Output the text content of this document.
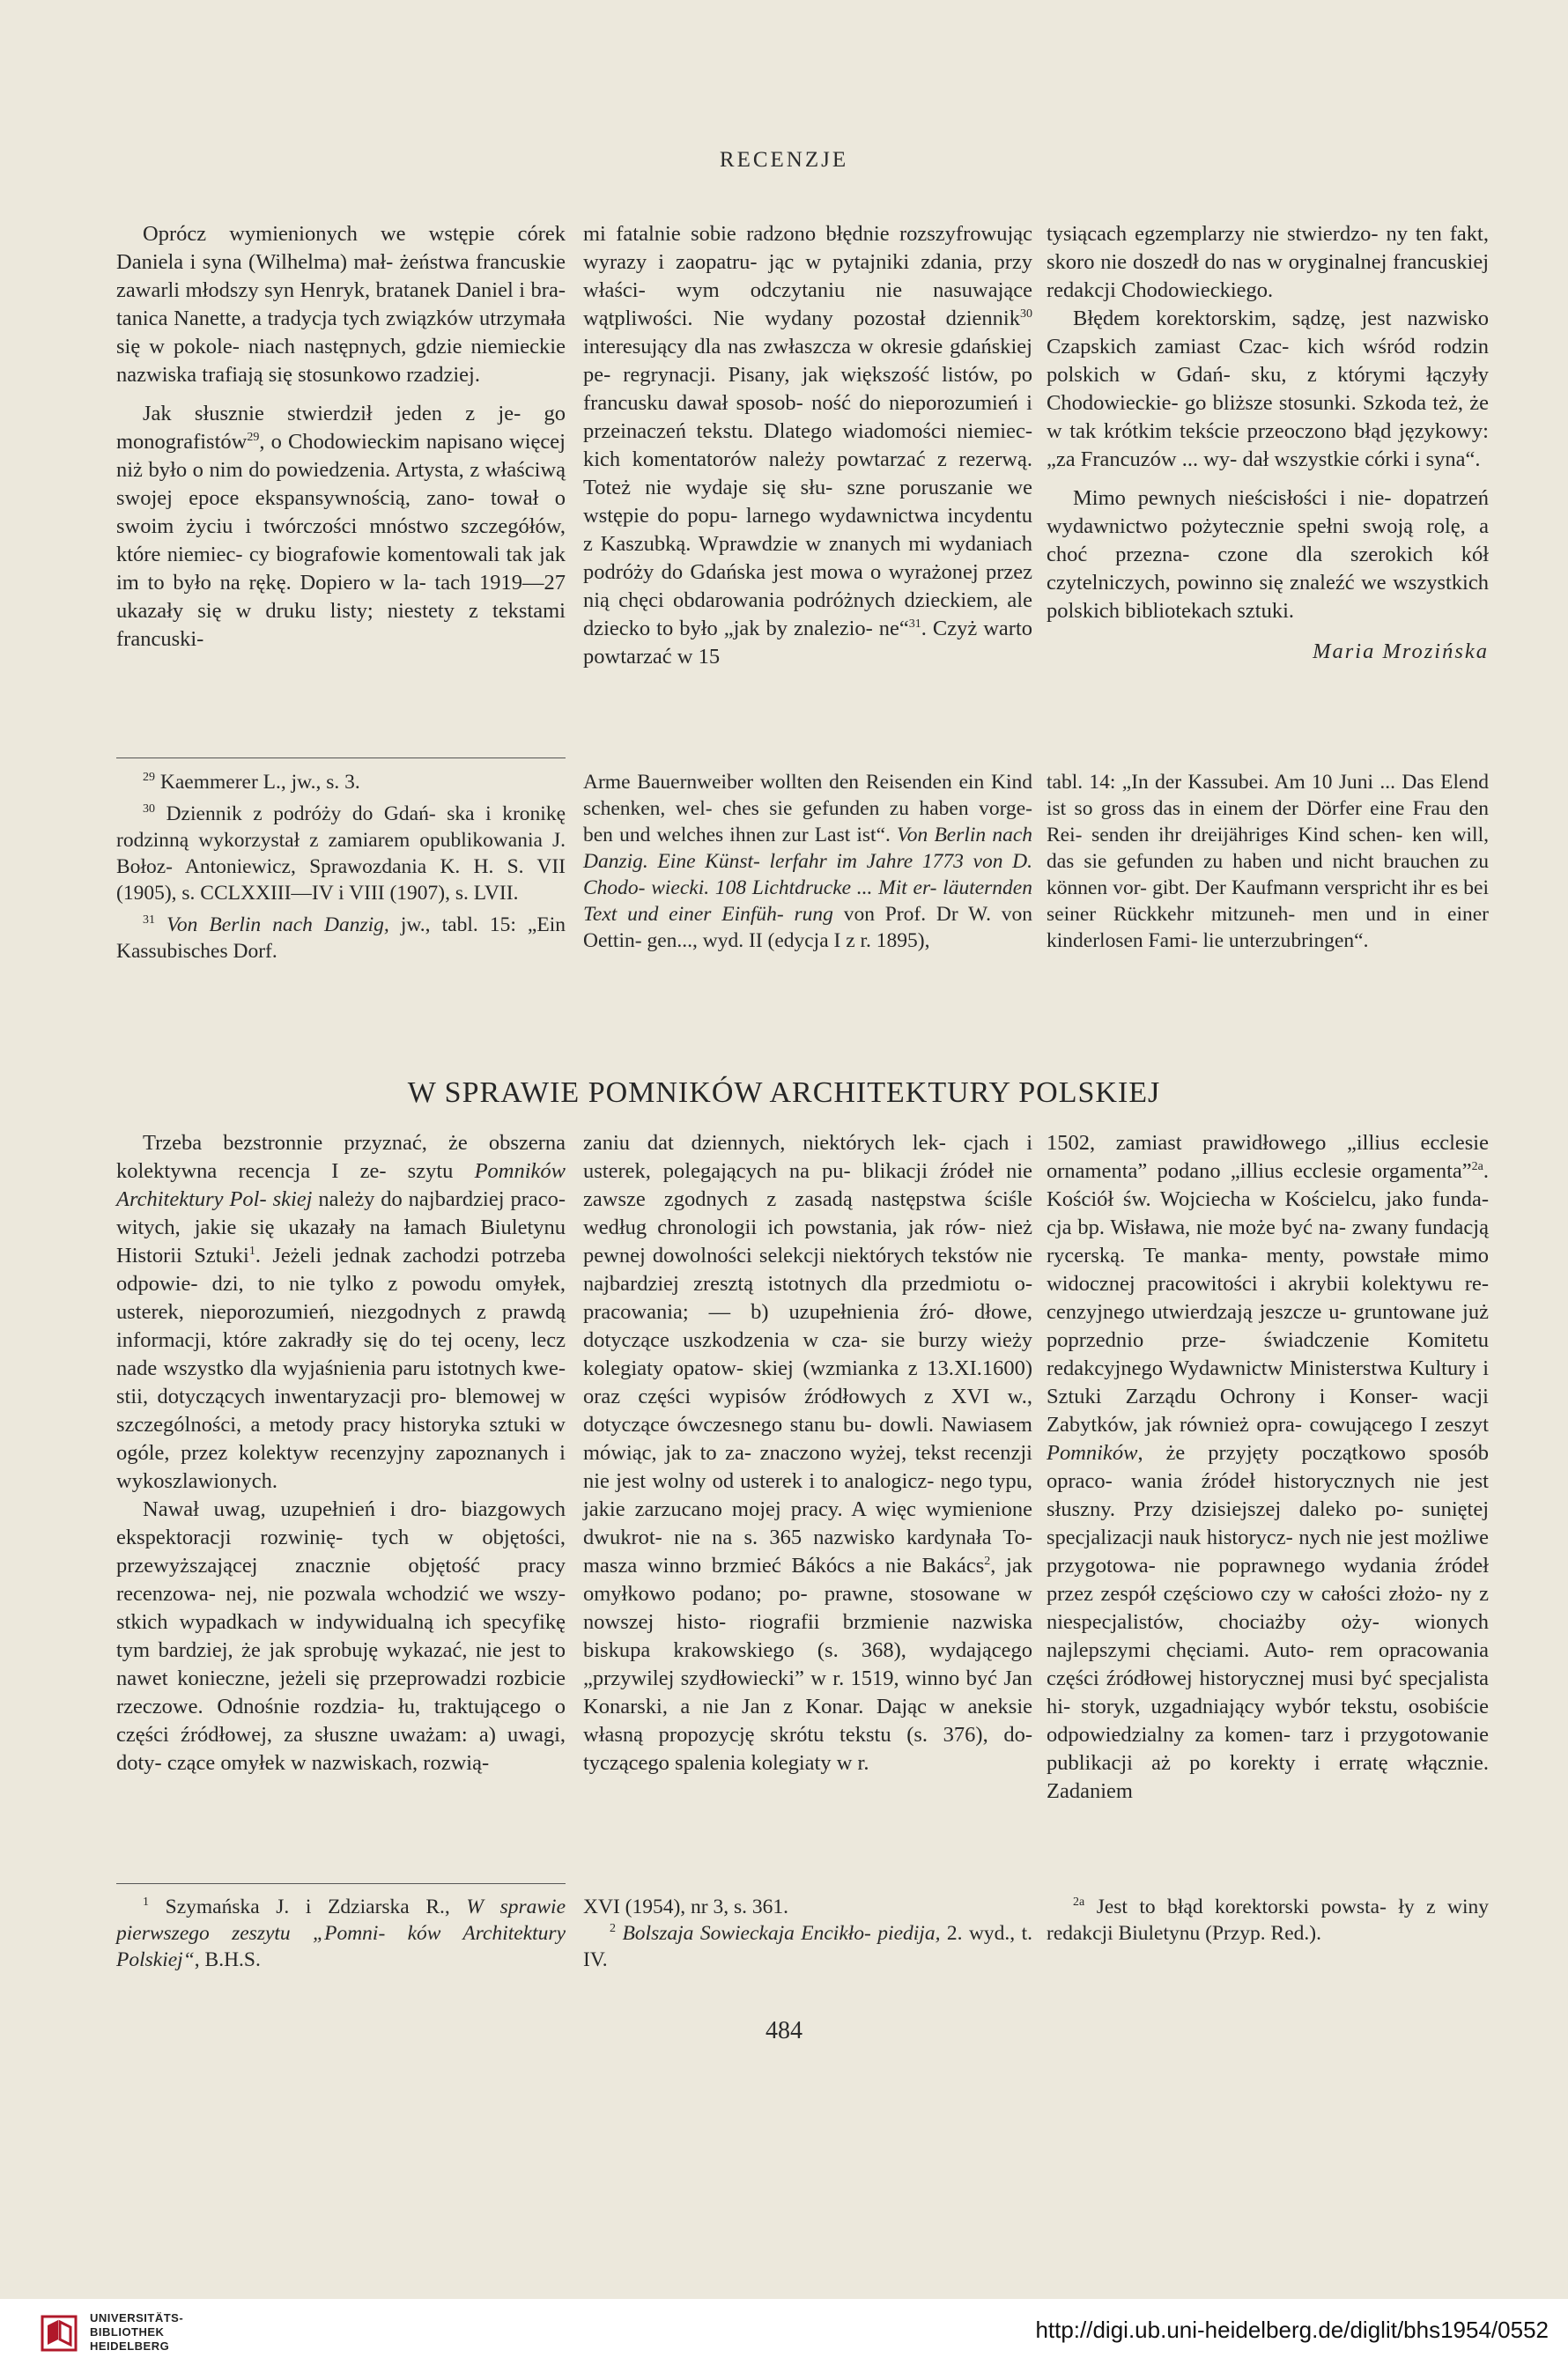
RECENZJE

Oprócz wymienionych we wstępie córek Daniela i syna (Wilhelma) mał- żeństwa francuskie zawarli młodszy syn Henryk, bratanek Daniel i bra- tanica Nanette, a tradycja tych związków utrzymała się w pokole- niach następnych, gdzie niemieckie nazwiska trafiają się stosunkowo rzadziej.

Jak słusznie stwierdził jeden z je- go monografistów$^{29}$, o Chodowieckim napisano więcej niż było o nim do powiedzenia. Artysta, z właściwą swojej epoce ekspansywnością, zano- tował o swoim życiu i twórczości mnóstwo szczegółów, które niemiec- cy biografowie komentowali tak jak im to było na rękę. Dopiero w la- tach 1919—27 ukazały się w druku listy; niestety z tekstami francuski-

mi fatalnie sobie radzono błędnie rozszyfrowując wyrazy i zaopatru- jąc w pytajniki zdania, przy właści- wym odczytaniu nie nasuwające wątpliwości. Nie wydany pozostał dziennik$^{30}$ interesujący dla nas zwłaszcza w okresie gdańskiej pe- regrynacji. Pisany, jak większość listów, po francusku dawał sposob- ność do nieporozumień i przeinaczeń tekstu. Dlatego wiadomości niemiec- kich komentatorów należy powtarzać z rezerwą. Toteż nie wydaje się słu- szne poruszanie we wstępie do popu- larnego wydawnictwa incydentu z Kaszubką. Wprawdzie w znanych mi wydaniach podróży do Gdańska jest mowa o wyrażonej przez nią chęci obdarowania podróżnych dzieckiem, ale dziecko to było „jak by znalezio- ne“$^{31}$. Czyż warto powtarzać w 15

tysiącach egzemplarzy nie stwierdzo- ny ten fakt, skoro nie doszedł do nas w oryginalnej francuskiej redakcji Chodowieckiego.

Błędem korektorskim, sądzę, jest nazwisko Czapskich zamiast Czac- kich wśród rodzin polskich w Gdań- sku, z którymi łączyły Chodowieckie- go bliższe stosunki. Szkoda też, że w tak krótkim tekście przeoczono błąd językowy: „za Francuzów ... wy- dał wszystkie córki i syna“.

Mimo pewnych nieścisłości i nie- dopatrzeń wydawnictwo pożytecznie spełni swoją rolę, a choć przezna- czone dla szerokich kół czytelniczych, powinno się znaleźć we wszystkich polskich bibliotekach sztuki.

Maria Mrozińska

$^{29}$ Kaemmerer L., jw., s. 3.

$^{30}$ Dziennik z podróży do Gdań- ska i kronikę rodzinną wykorzystał z zamiarem opublikowania J. Bołoz- Antoniewicz, Sprawozdania K. H. S. VII (1905), s. CCLXXIII—IV i VIII (1907), s. LVII.

$^{31}$ Von Berlin nach Danzig, jw., tabl. 15: „Ein Kassubisches Dorf.

Arme Bauernweiber wollten den Reisenden ein Kind schenken, wel- ches sie gefunden zu haben vorge- ben und welches ihnen zur Last ist“. Von Berlin nach Danzig. Eine Künst- lerfahr im Jahre 1773 von D. Chodo- wiecki. 108 Lichtdrucke ... Mit er- läuternden Text und einer Einfüh- rung von Prof. Dr W. von Oettin- gen..., wyd. II (edycja I z r. 1895),

tabl. 14: „In der Kassubei. Am 10 Juni ... Das Elend ist so gross das in einem der Dörfer eine Frau den Rei- senden ihr dreijähriges Kind schen- ken will, das sie gefunden zu haben und nicht brauchen zu können vor- gibt. Der Kaufmann verspricht ihr es bei seiner Rückkehr mitzuneh- men und in einer kinderlosen Fami- lie unterzubringen“.

W SPRAWIE POMNIKÓW ARCHITEKTURY POLSKIEJ

Trzeba bezstronnie przyznać, że obszerna kolektywna recencja I ze- szytu Pomników Architektury Pol- skiej należy do najbardziej praco- witych, jakie się ukazały na łamach Biuletynu Historii Sztuki$^1$. Jeżeli jednak zachodzi potrzeba odpowie- dzi, to nie tylko z powodu omyłek, usterek, nieporozumień, niezgodnych z prawdą informacji, które zakradły się do tej oceny, lecz nade wszystko dla wyjaśnienia paru istotnych kwe- stii, dotyczących inwentaryzacji pro- blemowej w szczególności, a metody pracy historyka sztuki w ogóle, przez kolektyw recenzyjny zapoznanych i wykoszlawionych.

Nawał uwag, uzupełnień i dro- biazgowych ekspektoracji rozwinię- tych w objętości, przewyższającej znacznie objętość pracy recenzowa- nej, nie pozwala wchodzić we wszy- stkich wypadkach w indywidualną ich specyfikę tym bardziej, że jak sprobuję wykazać, nie jest to nawet konieczne, jeżeli się przeprowadzi rozbicie rzeczowe. Odnośnie rozdzia- łu, traktującego o części źródłowej, za słuszne uważam: a) uwagi, doty- czące omyłek w nazwiskach, rozwią-

zaniu dat dziennych, niektórych lek- cjach i usterek, polegających na pu- blikacji źródeł nie zawsze zgodnych z zasadą następstwa ściśle według chronologii ich powstania, jak rów- nież pewnej dowolności selekcji niektórych tekstów nie najbardziej zresztą istotnych dla przedmiotu o- pracowania; — b) uzupełnienia źró- dłowe, dotyczące uszkodzenia w cza- sie burzy wieży kolegiaty opatow- skiej (wzmianka z 13.XI.1600) oraz części wypisów źródłowych z XVI w., dotyczące ówczesnego stanu bu- dowli. Nawiasem mówiąc, jak to za- znaczono wyżej, tekst recenzji nie jest wolny od usterek i to analogicz- nego typu, jakie zarzucano mojej pracy. A więc wymienione dwukrot- nie na s. 365 nazwisko kardynała To- masza winno brzmieć Bákócs a nie Bakács$^2$, jak omyłkowo podano; po- prawne, stosowane w nowszej histo- riografii brzmienie nazwiska biskupa krakowskiego (s. 368), wydającego „przywilej szydłowiecki” w r. 1519, winno być Jan Konarski, a nie Jan z Konar. Dając w aneksie własną propozycję skrótu tekstu (s. 376), do- tyczącego spalenia kolegiaty w r.

1502, zamiast prawidłowego „illius ecclesie ornamenta” podano „illius ecclesie orgamenta”$^{2a}$. Kościół św. Wojciecha w Kościelcu, jako funda- cja bp. Wisława, nie może być na- zwany fundacją rycerską. Te manka- menty, powstałe mimo widocznej pracowitości i akrybii kolektywu re- cenzyjnego utwierdzają jeszcze u- gruntowane już poprzednio prze- świadczenie Komitetu redakcyjnego Wydawnictw Ministerstwa Kultury i Sztuki Zarządu Ochrony i Konser- wacji Zabytków, jak również opra- cowującego I zeszyt Pomników, że przyjęty początkowo sposób opraco- wania źródeł historycznych nie jest słuszny. Przy dzisiejszej daleko po- suniętej specjalizacji nauk historycz- nych nie jest możliwe przygotowa- nie poprawnego wydania źródeł przez zespół częściowo czy w całości złożo- ny z niespecjalistów, chociażby oży- wionych najlepszymi chęciami. Auto- rem opracowania części źródłowej historycznej musi być specjalista hi- storyk, uzgadniający wybór tekstu, osobiście odpowiedzialny za komen- tarz i przygotowanie publikacji aż po korekty i erratę włącznie. Zadaniem

$^1$ Szymańska J. i Zdziarska R., W sprawie pierwszego zeszytu „Pomni- ków Architektury Polskiej“, B.H.S.

XVI (1954), nr 3, s. 361.

$^2$ Bolszaja Sowieckaja Encikło- piedija, 2. wyd., t. IV.

$^{2a}$ Jest to błąd korektorski powsta- ły z winy redakcji Biuletynu (Przyp. Red.).

484
UNIVERSITÄTS-
BIBLIOTHEK
HEIDELBERG
http://digi.ub.uni-heidelberg.de/diglit/bhs1954/0552
